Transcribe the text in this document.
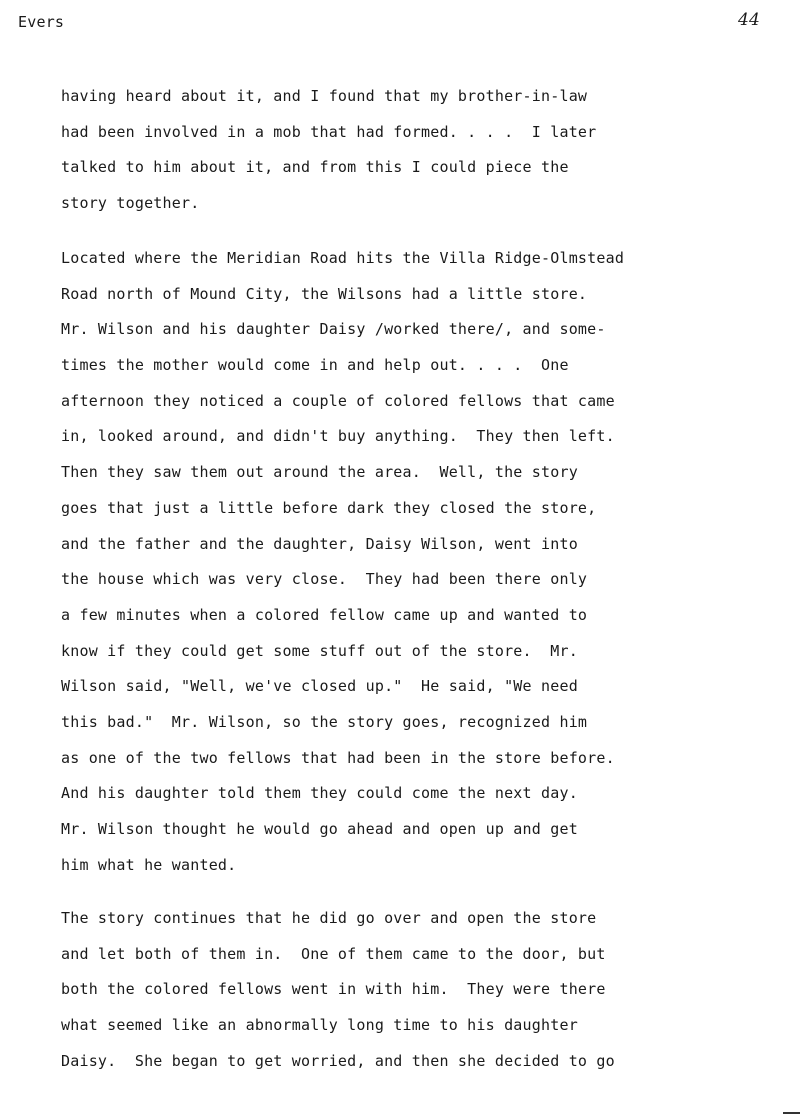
Evers	44
having heard about it, and I found that my brother-in-law
had been involved in a mob that had formed. . . .  I later
talked to him about it, and from this I could piece the
story together.
Located where the Meridian Road hits the Villa Ridge-Olmstead
Road north of Mound City, the Wilsons had a little store.
Mr. Wilson and his daughter Daisy /worked there/, and some-
times the mother would come in and help out. . . .  One
afternoon they noticed a couple of colored fellows that came
in, looked around, and didn't buy anything.  They then left.
Then they saw them out around the area.  Well, the story
goes that just a little before dark they closed the store,
and the father and the daughter, Daisy Wilson, went into
the house which was very close.  They had been there only
a few minutes when a colored fellow came up and wanted to
know if they could get some stuff out of the store.  Mr.
Wilson said, "Well, we've closed up."  He said, "We need
this bad."  Mr. Wilson, so the story goes, recognized him
as one of the two fellows that had been in the store before.
And his daughter told them they could come the next day.
Mr. Wilson thought he would go ahead and open up and get
him what he wanted.
The story continues that he did go over and open the store
and let both of them in.  One of them came to the door, but
both the colored fellows went in with him.  They were there
what seemed like an abnormally long time to his daughter
Daisy.  She began to get worried, and then she decided to go
